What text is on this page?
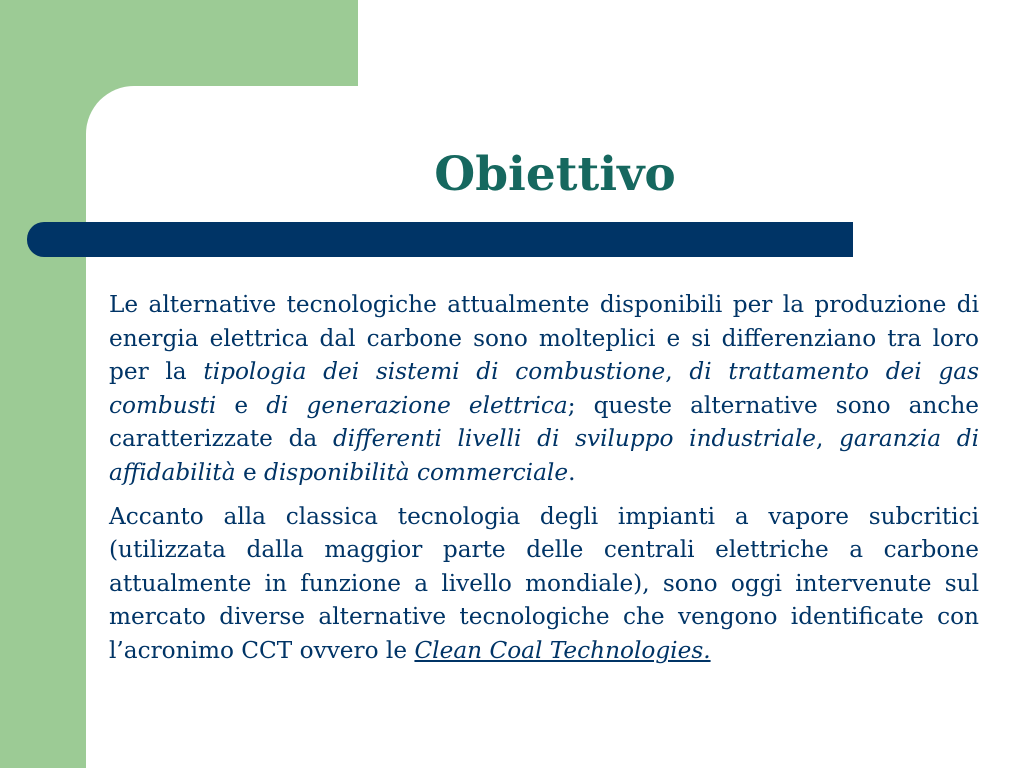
Obiettivo

Le alternative tecnologiche attualmente disponibili per la produzione di energia elettrica dal carbone sono molteplici e si differenziano tra loro per la tipologia dei sistemi di combustione, di trattamento dei gas combusti e di generazione elettrica; queste alternative sono anche caratterizzate da differenti livelli di sviluppo industriale, garanzia di affidabilità e disponibilità commerciale.

Accanto alla classica tecnologia degli impianti a vapore subcritici (utilizzata dalla maggior parte delle centrali elettriche a carbone attualmente in funzione a livello mondiale), sono oggi intervenute sul mercato diverse alternative tecnologiche che vengono identificate con l’acronimo CCT ovvero le Clean Coal Technologies.
